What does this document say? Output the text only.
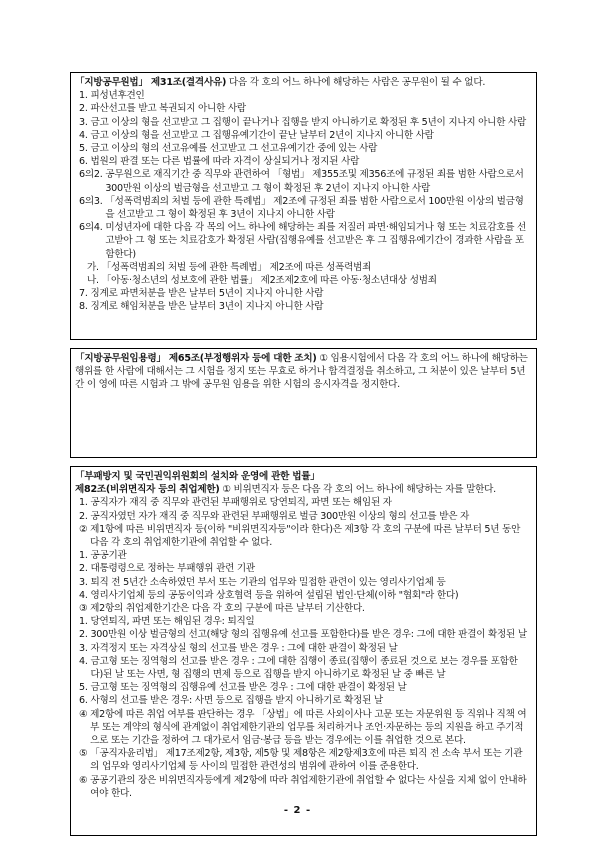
「지방공무원법」 제31조(결격사유) 다음 각 호의 어느 하나에 해당하는 사람은 공무원이 될 수 없다.

1. 피성년후견인
2. 파산선고를 받고 복권되지 아니한 사람
3. 금고 이상의 형을 선고받고 그 집행이 끝나거나 집행을 받지 아니하기로 확정된 후 5년이 지나지 아니한 사람
4. 금고 이상의 형을 선고받고 그 집행유예기간이 끝난 날부터 2년이 지나지 아니한 사람
5. 금고 이상의 형의 선고유예를 선고받고 그 선고유예기간 중에 있는 사람
6. 법원의 판결 또는 다른 법률에 따라 자격이 상실되거나 정지된 사람
6의2. 공무원으로 재직기간 중 직무와 관련하여 「형법」 제355조및 제356조에 규정된 죄를 범한 사람으로서 300만원 이상의 벌금형을 선고받고 그 형이 확정된 후 2년이 지나지 아니한 사람
6의3. 「성폭력범죄의 처벌 등에 관한 특례법」 제2조에 규정된 죄를 범한 사람으로서 100만원 이상의 벌금형을 선고받고 그 형이 확정된 후 3년이 지나지 아니한 사람
6의4. 미성년자에 대한 다음 각 목의 어느 하나에 해당하는 죄를 저질러 파면·해임되거나 형 또는 치료감호를 선고받아 그 형 또는 치료감호가 확정된 사람(집행유예를 선고받은 후 그 집행유예기간이 경과한 사람을 포함한다)
가. 「성폭력범죄의 처벌 등에 관한 특례법」 제2조에 따른 성폭력범죄
나. 「아동·청소년의 성보호에 관한 법률」 제2조제2호에 따른 아동·청소년대상 성범죄
7. 징계로 파면처분을 받은 날부터 5년이 지나지 아니한 사람
8. 징계로 해임처분을 받은 날부터 3년이 지나지 아니한 사람

「지방공무원임용령」 제65조(부정행위자 등에 대한 조치) ① 임용시험에서 다음 각 호의 어느 하나에 해당하는 행위를 한 사람에 대해서는 그 시험을 정지 또는 무효로 하거나 합격결정을 취소하고, 그 처분이 있은 날부터 5년간 이 영에 따른 시험과 그 밖에 공무원 임용을 위한 시험의 응시자격을 정지한다.

「부패방지 및 국민권익위원회의 설치와 운영에 관한 법률」

제82조(비위면직자 등의 취업제한) ① 비위면직자 등은 다음 각 호의 어느 하나에 해당하는 자를 말한다.

1. 공직자가 재직 중 직무와 관련된 부패행위로 당연퇴직, 파면 또는 해임된 자
2. 공직자였던 자가 재직 중 직무와 관련된 부패행위로 벌금 300만원 이상의 형의 선고를 받은 자
② 제1항에 따른 비위면직자 등(이하 "비위면직자등"이라 한다)은 제3항 각 호의 구분에 따른 날부터 5년 동안 다음 각 호의 취업제한기관에 취업할 수 없다.
1. 공공기관
2. 대통령령으로 정하는 부패행위 관련 기관
3. 퇴직 전 5년간 소속하였던 부서 또는 기관의 업무와 밀접한 관련이 있는 영리사기업체 등
4. 영리사기업체 등의 공동이익과 상호협력 등을 위하여 설립된 법인·단체(이하 "협회"라 한다)
③ 제2항의 취업제한기간은 다음 각 호의 구분에 따른 날부터 기산한다.
1. 당연퇴직, 파면 또는 해임된 경우: 퇴직일
2. 300만원 이상 벌금형의 선고(해당 형의 집행유예 선고를 포함한다)를 받은 경우: 그에 대한 판결이 확정된 날
3. 자격정지 또는 자격상실 형의 선고를 받은 경우 : 그에 대한 판결이 확정된 날
4. 금고형 또는 징역형의 선고를 받은 경우 : 그에 대한 집행이 종료(집행이 종료된 것으로 보는 경우를 포함한다)된 날 또는 사면, 형 집행의 면제 등으로 집행을 받지 아니하기로 확정된 날 중 빠른 날
5. 금고형 또는 징역형의 집행유예 선고를 받은 경우 : 그에 대한 판결이 확정된 날
6. 사형의 선고를 받은 경우: 사면 등으로 집행을 받지 아니하기로 확정된 날
④ 제2항에 따른 취업 여부를 판단하는 경우 「상법」에 따른 사외이사나 고문 또는 자문위원 등 직위나 직책 여부 또는 계약의 형식에 관계없이 취업제한기관의 업무를 처리하거나 조언·자문하는 등의 지원을 하고 주기적으로 또는 기간을 정하여 그 대가로서 임금·봉급 등을 받는 경우에는 이를 취업한 것으로 본다.
⑤ 「공직자윤리법」 제17조제2항, 제3항, 제5항 및 제8항은 제2항제3호에 따른 퇴직 전 소속 부서 또는 기관의 업무와 영리사기업체 등 사이의 밀접한 관련성의 범위에 관하여 이를 준용한다.
⑥ 공공기관의 장은 비위면직자등에게 제2항에 따라 취업제한기관에 취업할 수 없다는 사실을 지체 없이 안내하여야 한다.
- 2 -
